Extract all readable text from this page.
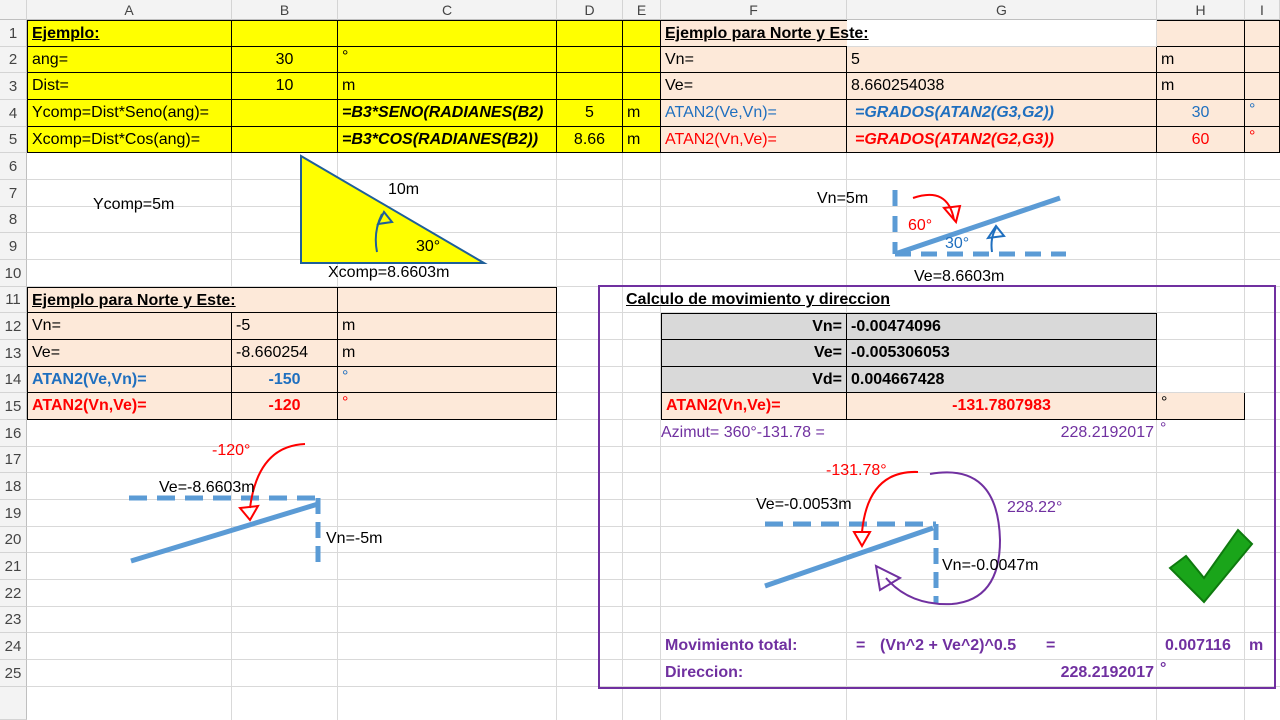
A	B	C	D	E	F	G	H	I
1
2
3
4
5
6
7
8
9
10
11
12
13
14
15
16
17
18
19
20
21
22
23
24
25
Ejemplo:
ang=	30	°
Dist=	10	m
Ycomp=Dist*Seno(ang)=	=B3*SENO(RADIANES(B2)	5	m
Xcomp=Dist*Cos(ang)=	=B3*COS(RADIANES(B2))	8.66	m
Ejemplo para Norte y Este:
Vn=	5	m
Ve=	8.660254038	m
ATAN2(Ve,Vn)=	=GRADOS(ATAN2(G3,G2))	30	°
ATAN2(Vn,Ve)=	=GRADOS(ATAN2(G2,G3))	60	°
Ejemplo para Norte y Este:
Vn=	-5	m
Ve=	-8.660254	m
ATAN2(Ve,Vn)=	-150	°
ATAN2(Vn,Ve)=	-120	°
Calculo de movimiento y direccion
Vn= -0.00474096
Ve= -0.005306053
Vd= 0.004667428
ATAN2(Vn,Ve)=	-131.7807983	°
Azimut= 360°-131.78 =	228.2192017 °
Movimiento total:	= (Vn^2 + Ve^2)^0.5 =	0.007116 m
Direccion:	228.2192017 °
Ycomp=5m
10m
30°
Xcomp=8.6603m
Vn=5m
60°
30°
Ve=8.6603m
-120°
Ve=-8.6603m
Vn=-5m
-131.78°
Ve=-0.0053m	228.22°
Vn=-0.0047m
